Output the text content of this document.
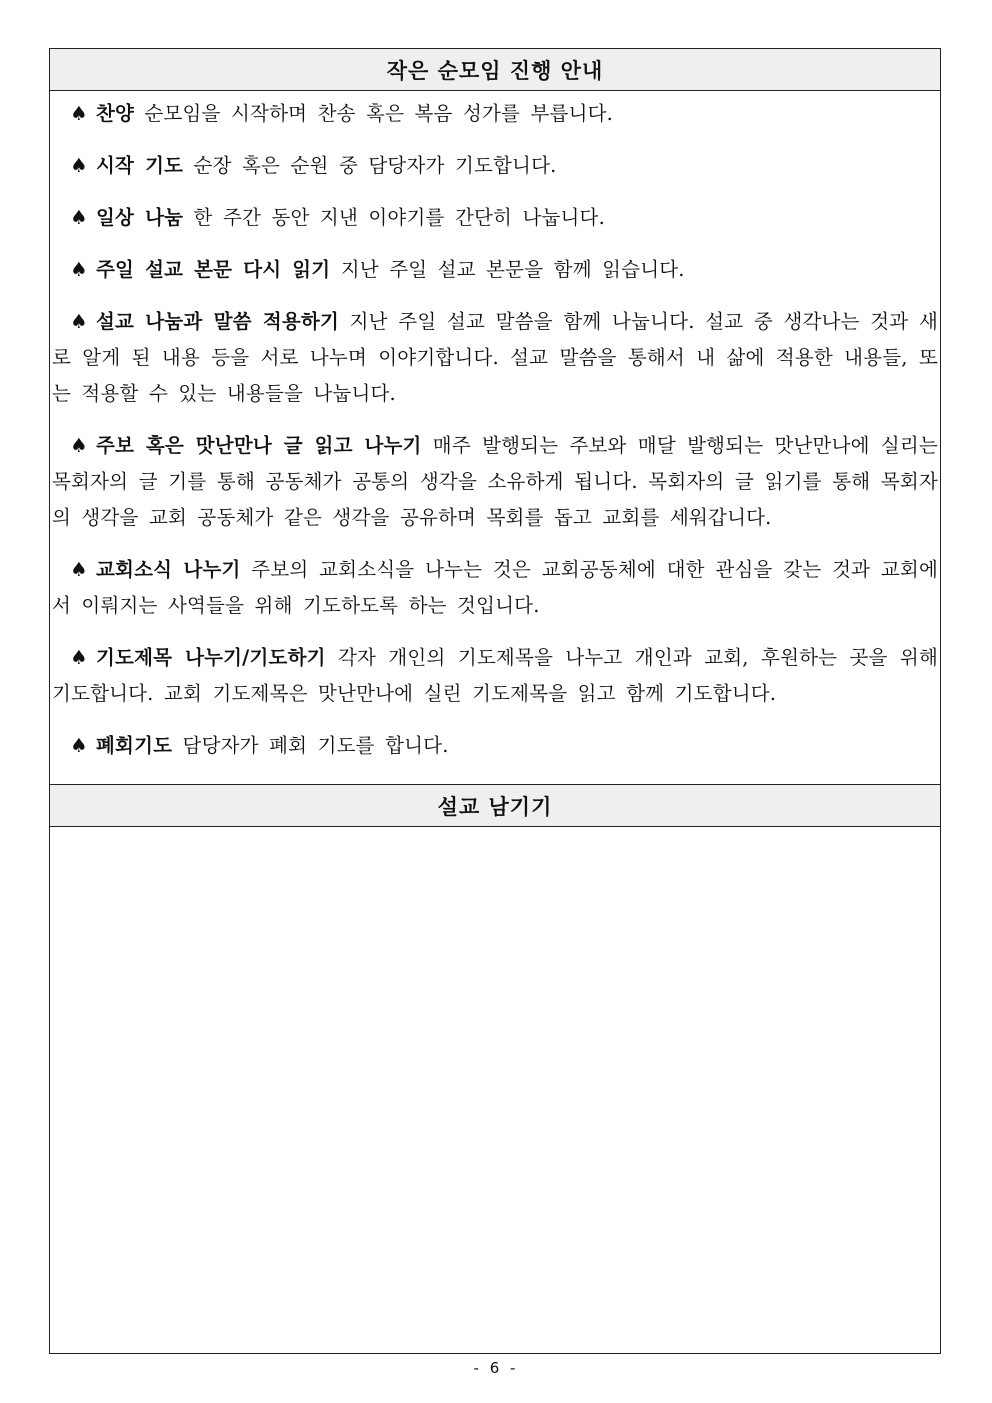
작은 순모임 진행 안내
♠ 찬양 순모임을 시작하며 찬송 혹은 복음 성가를 부릅니다.
♠ 시작 기도 순장 혹은 순원 중 담당자가 기도합니다.
♠ 일상 나눔 한 주간 동안 지낸 이야기를 간단히 나눕니다.
♠ 주일 설교 본문 다시 읽기 지난 주일 설교 본문을 함께 읽습니다.
♠ 설교 나눔과 말씀 적용하기 지난 주일 설교 말씀을 함께 나눕니다. 설교 중 생각나는 것과 새로 알게 된 내용 등을 서로 나누며 이야기합니다. 설교 말씀을 통해서 내 삶에 적용한 내용들, 또는 적용할 수 있는 내용들을 나눕니다.
♠ 주보 혹은 맛난만나 글 읽고 나누기 매주 발행되는 주보와 매달 발행되는 맛난만나에 실리는 목회자의 글 기를 통해 공동체가 공통의 생각을 소유하게 됩니다. 목회자의 글 읽기를 통해 목회자의 생각을 교회 공동체가 같은 생각을 공유하며 목회를 돕고 교회를 세워갑니다.
♠ 교회소식 나누기 주보의 교회소식을 나누는 것은 교회공동체에 대한 관심을 갖는 것과 교회에서 이뤄지는 사역들을 위해 기도하도록 하는 것입니다.
♠ 기도제목 나누기/기도하기 각자 개인의 기도제목을 나누고 개인과 교회, 후원하는 곳을 위해 기도합니다. 교회 기도제목은 맛난만나에 실린 기도제목을 읽고 함께 기도합니다.
♠ 폐회기도 담당자가 폐회 기도를 합니다.
설교 남기기
- 6 -
